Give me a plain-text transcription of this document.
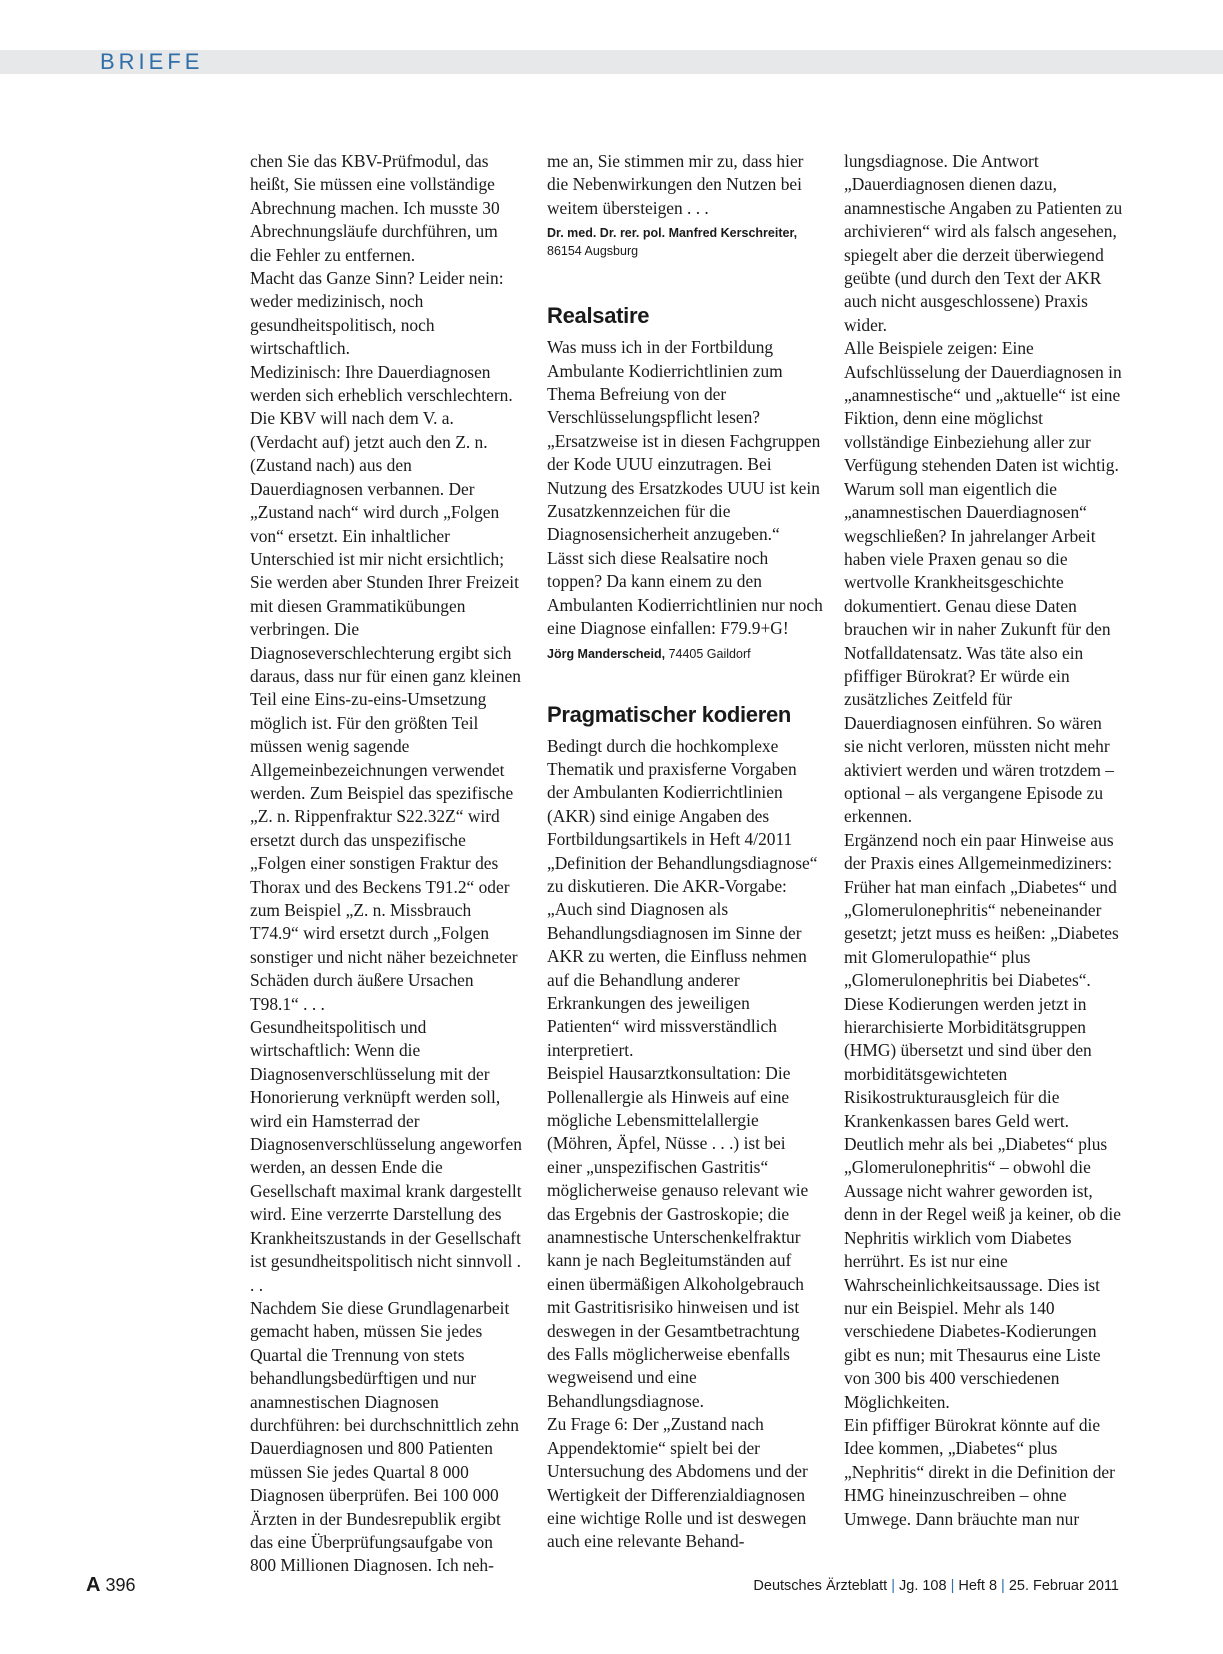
BRIEFE

chen Sie das KBV-Prüfmodul, das heißt, Sie müssen eine vollständige Abrechnung machen. Ich musste 30 Abrechnungsläufe durchführen, um die Fehler zu entfernen.

Macht das Ganze Sinn? Leider nein: weder medizinisch, noch gesundheitspolitisch, noch wirtschaftlich.

Medizinisch: Ihre Dauerdiagnosen werden sich erheblich verschlechtern. Die KBV will nach dem V. a. (Verdacht auf) jetzt auch den Z. n. (Zustand nach) aus den Dauerdiagnosen verbannen. Der „Zustand nach“ wird durch „Folgen von“ ersetzt. Ein inhaltlicher Unterschied ist mir nicht ersichtlich; Sie werden aber Stunden Ihrer Freizeit mit diesen Grammatikübungen verbringen. Die Diagnoseverschlechterung ergibt sich daraus, dass nur für einen ganz kleinen Teil eine Eins-zu-eins-Umsetzung möglich ist. Für den größten Teil müssen wenig sagende Allgemeinbezeichnungen verwendet werden. Zum Beispiel das spezifische „Z. n. Rippenfraktur S22.32Z“ wird ersetzt durch das unspezifische „Folgen einer sonstigen Fraktur des Thorax und des Beckens T91.2“ oder zum Beispiel „Z. n. Missbrauch T74.9“ wird ersetzt durch „Folgen sonstiger und nicht näher bezeichneter Schäden durch äußere Ursachen T98.1“ . . .

Gesundheitspolitisch und wirtschaftlich: Wenn die Diagnosenverschlüsselung mit der Honorierung verknüpft werden soll, wird ein Hamsterrad der Diagnosenverschlüsselung angeworfen werden, an dessen Ende die Gesellschaft maximal krank dargestellt wird. Eine verzerrte Darstellung des Krankheitszustands in der Gesellschaft ist gesundheitspolitisch nicht sinnvoll . . .

Nachdem Sie diese Grundlagenarbeit gemacht haben, müssen Sie jedes Quartal die Trennung von stets behandlungsbedürftigen und nur anamnestischen Diagnosen durchführen: bei durchschnittlich zehn Dauerdiagnosen und 800 Patienten müssen Sie jedes Quartal 8 000 Diagnosen überprüfen. Bei 100 000 Ärzten in der Bundesrepublik ergibt das eine Überprüfungsaufgabe von 800 Millionen Diagnosen. Ich neh-

me an, Sie stimmen mir zu, dass hier die Nebenwirkungen den Nutzen bei weitem übersteigen . . .

Dr. med. Dr. rer. pol. Manfred Kerschreiter,
86154 Augsburg

Realsatire

Was muss ich in der Fortbildung Ambulante Kodierrichtlinien zum Thema Befreiung von der Verschlüsselungspflicht lesen? „Ersatzweise ist in diesen Fachgruppen der Kode UUU einzutragen. Bei Nutzung des Ersatzkodes UUU ist kein Zusatzkennzeichen für die Diagnosensicherheit anzugeben.“

Lässt sich diese Realsatire noch toppen? Da kann einem zu den Ambulanten Kodierrichtlinien nur noch eine Diagnose einfallen: F79.9+G!

Jörg Manderscheid, 74405 Gaildorf

Pragmatischer kodieren

Bedingt durch die hochkomplexe Thematik und praxisferne Vorgaben der Ambulanten Kodierrichtlinien (AKR) sind einige Angaben des Fortbildungsartikels in Heft 4/2011 „Definition der Behandlungsdiagnose“ zu diskutieren. Die AKR-Vorgabe: „Auch sind Diagnosen als Behandlungsdiagnosen im Sinne der AKR zu werten, die Einfluss nehmen auf die Behandlung anderer Erkrankungen des jeweiligen Patienten“ wird missverständlich interpretiert.

Beispiel Hausarztkonsultation: Die Pollenallergie als Hinweis auf eine mögliche Lebensmittelallergie (Möhren, Äpfel, Nüsse . . .) ist bei einer „unspezifischen Gastritis“ möglicherweise genauso relevant wie das Ergebnis der Gastroskopie; die anamnestische Unterschenkelfraktur kann je nach Begleitumständen auf einen übermäßigen Alkoholgebrauch mit Gastritisrisiko hinweisen und ist deswegen in der Gesamtbetrachtung des Falls möglicherweise ebenfalls wegweisend und eine Behandlungsdiagnose.

Zu Frage 6: Der „Zustand nach Appendektomie“ spielt bei der Untersuchung des Abdomens und der Wertigkeit der Differenzialdiagnosen eine wichtige Rolle und ist deswegen auch eine relevante Behand-

lungsdiagnose. Die Antwort „Dauerdiagnosen dienen dazu, anamnestische Angaben zu Patienten zu archivieren“ wird als falsch angesehen, spiegelt aber die derzeit überwiegend geübte (und durch den Text der AKR auch nicht ausgeschlossene) Praxis wider.

Alle Beispiele zeigen: Eine Aufschlüsselung der Dauerdiagnosen in „anamnestische“ und „aktuelle“ ist eine Fiktion, denn eine möglichst vollständige Einbeziehung aller zur Verfügung stehenden Daten ist wichtig. Warum soll man eigentlich die „anamnestischen Dauerdiagnosen“ wegschließen? In jahrelanger Arbeit haben viele Praxen genau so die wertvolle Krankheitsgeschichte dokumentiert. Genau diese Daten brauchen wir in naher Zukunft für den Notfalldatensatz. Was täte also ein pfiffiger Bürokrat? Er würde ein zusätzliches Zeitfeld für Dauerdiagnosen einführen. So wären sie nicht verloren, müssten nicht mehr aktiviert werden und wären trotzdem – optional – als vergangene Episode zu erkennen.

Ergänzend noch ein paar Hinweise aus der Praxis eines Allgemeinmediziners: Früher hat man einfach „Diabetes“ und „Glomerulonephritis“ nebeneinander gesetzt; jetzt muss es heißen: „Diabetes mit Glomerulopathie“ plus „Glomerulonephritis bei Diabetes“. Diese Kodierungen werden jetzt in hierarchisierte Morbiditätsgruppen (HMG) übersetzt und sind über den morbiditätsgewichteten Risikostrukturausgleich für die Krankenkassen bares Geld wert. Deutlich mehr als bei „Diabetes“ plus „Glomerulonephritis“ – obwohl die Aussage nicht wahrer geworden ist, denn in der Regel weiß ja keiner, ob die Nephritis wirklich vom Diabetes herrührt. Es ist nur eine Wahrscheinlichkeitsaussage. Dies ist nur ein Beispiel. Mehr als 140 verschiedene Diabetes-Kodierungen gibt es nun; mit Thesaurus eine Liste von 300 bis 400 verschiedenen Möglichkeiten.

Ein pfiffiger Bürokrat könnte auf die Idee kommen, „Diabetes“ plus „Nephritis“ direkt in die Definition der HMG hineinzuschreiben – ohne Umwege. Dann bräuchte man nur

A 396	Deutsches Ärzteblatt | Jg. 108 | Heft 8 | 25. Februar 2011
